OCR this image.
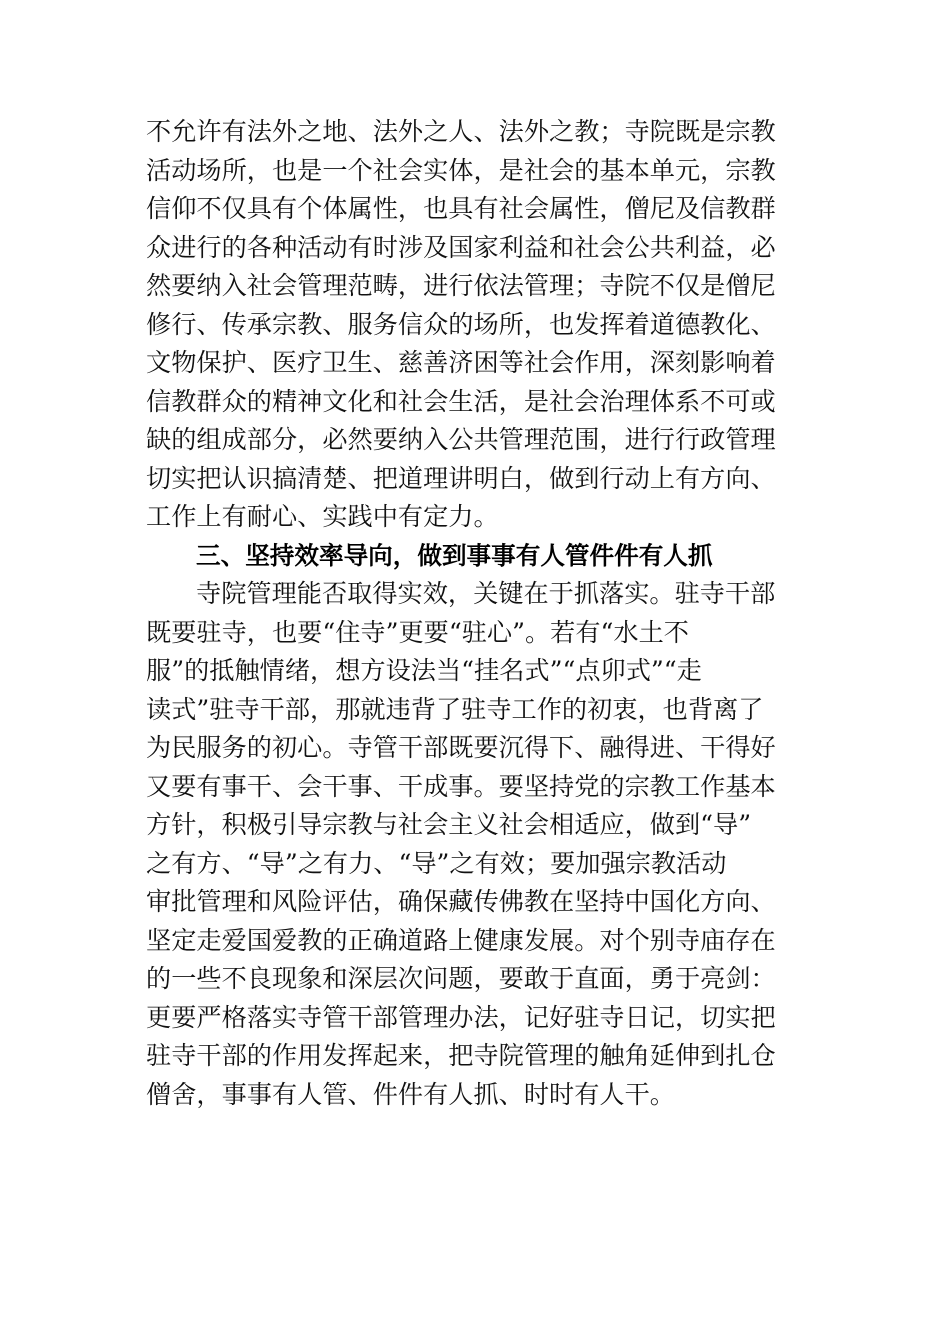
不允许有法外之地、法外之人、法外之教；寺院既是宗教
活动场所，也是一个社会实体，是社会的基本单元，宗教
信仰不仅具有个体属性，也具有社会属性，僧尼及信教群
众进行的各种活动有时涉及国家利益和社会公共利益，必
然要纳入社会管理范畴，进行依法管理；寺院不仅是僧尼
修行、传承宗教、服务信众的场所，也发挥着道德教化、
文物保护、医疗卫生、慈善济困等社会作用，深刻影响着
信教群众的精神文化和社会生活，是社会治理体系不可或
缺的组成部分，必然要纳入公共管理范围，进行行政管理
切实把认识搞清楚、把道理讲明白，做到行动上有方向、
工作上有耐心、实践中有定力。
三、坚持效率导向，做到事事有人管件件有人抓
寺院管理能否取得实效，关键在于抓落实。驻寺干部
既要驻寺，也要“住寺”更要“驻心”。若有“水土不
服”的抵触情绪，想方设法当“挂名式”“点卯式”“走
读式”驻寺干部，那就违背了驻寺工作的初衷，也背离了
为民服务的初心。寺管干部既要沉得下、融得进、干得好
又要有事干、会干事、干成事。要坚持党的宗教工作基本
方针，积极引导宗教与社会主义社会相适应，做到“导”
之有方、“导”之有力、“导”之有效；要加强宗教活动
审批管理和风险评估，确保藏传佛教在坚持中国化方向、
坚定走爱国爱教的正确道路上健康发展。对个别寺庙存在
的一些不良现象和深层次问题，要敢于直面，勇于亮剑：
更要严格落实寺管干部管理办法，记好驻寺日记，切实把
驻寺干部的作用发挥起来，把寺院管理的触角延伸到扎仓
僧舍，事事有人管、件件有人抓、时时有人干。
